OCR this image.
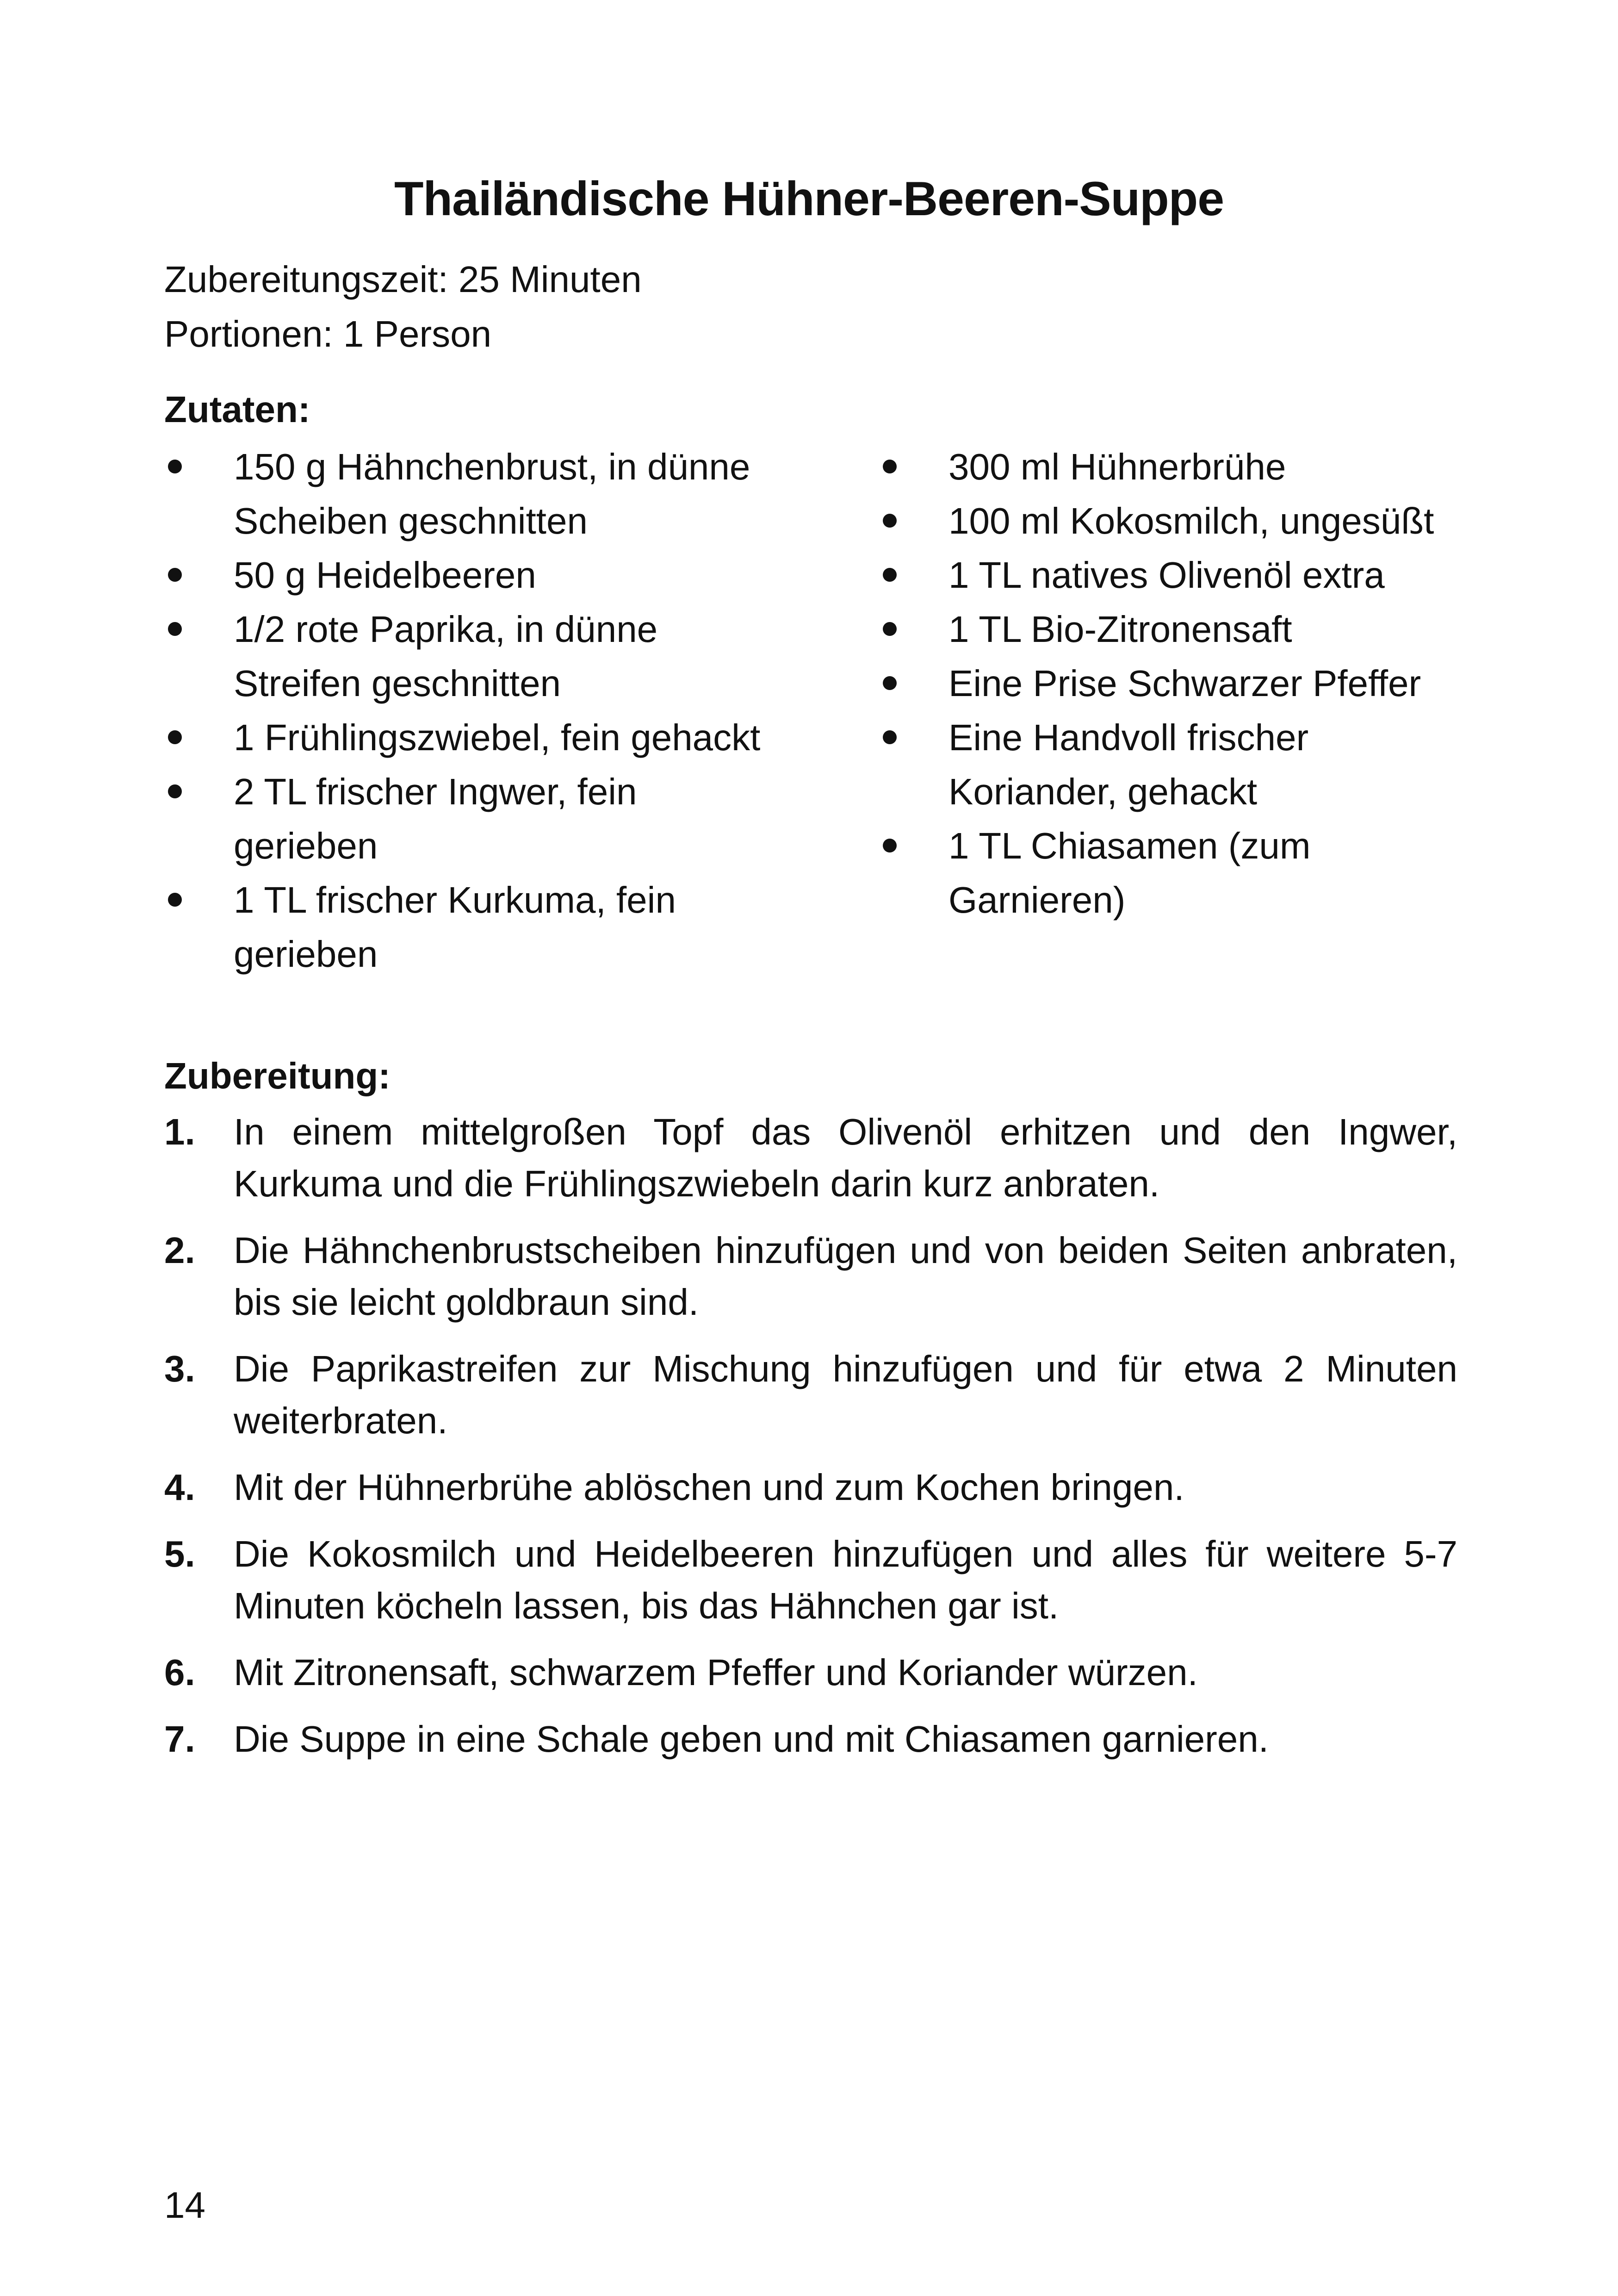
Thailändische Hühner-Beeren-Suppe
Zubereitungszeit: 25 Minuten
Portionen: 1 Person
Zutaten:
150 g Hähnchenbrust, in dünne Scheiben geschnitten
50 g Heidelbeeren
1/2 rote Paprika, in dünne Streifen geschnitten
1 Frühlingszwiebel, fein gehackt
2 TL frischer Ingwer, fein gerieben
1 TL frischer Kurkuma, fein gerieben
300 ml Hühnerbrühe
100 ml Kokosmilch, ungesüßt
1 TL natives Olivenöl extra
1 TL Bio-Zitronensaft
Eine Prise Schwarzer Pfeffer
Eine Handvoll frischer Koriander, gehackt
1 TL Chiasamen (zum Garnieren)
Zubereitung:
1. In einem mittelgroßen Topf das Olivenöl erhitzen und den Ingwer, Kurkuma und die Frühlingszwiebeln darin kurz anbraten.
2. Die Hähnchenbrustscheiben hinzufügen und von beiden Seiten anbraten, bis sie leicht goldbraun sind.
3. Die Paprikastreifen zur Mischung hinzufügen und für etwa 2 Minuten weiterbraten.
4. Mit der Hühnerbrühe ablöschen und zum Kochen bringen.
5. Die Kokosmilch und Heidelbeeren hinzufügen und alles für weitere 5-7 Minuten köcheln lassen, bis das Hähnchen gar ist.
6. Mit Zitronensaft, schwarzem Pfeffer und Koriander würzen.
7. Die Suppe in eine Schale geben und mit Chiasamen garnieren.
14
